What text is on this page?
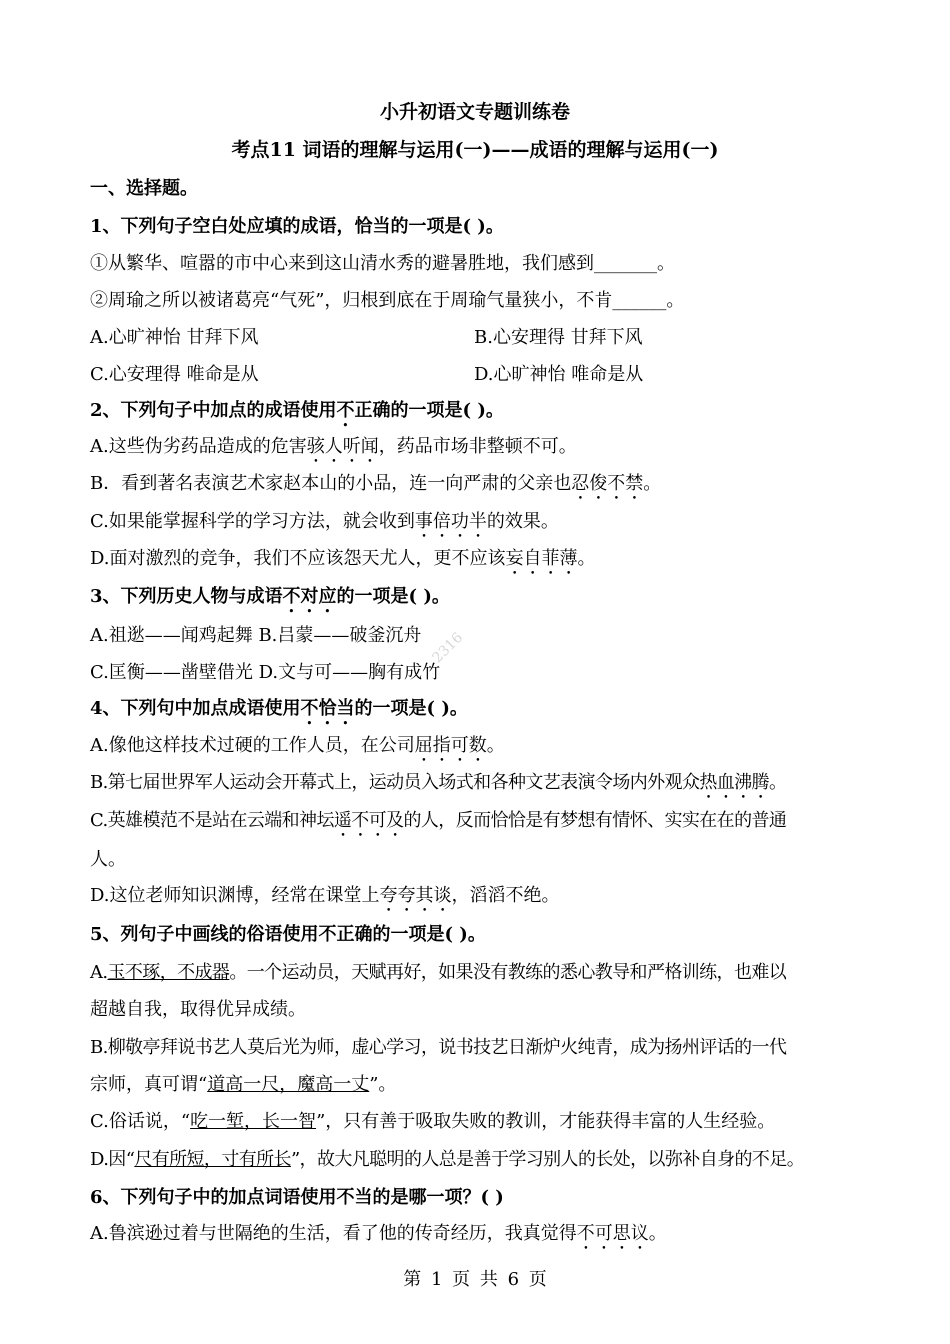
2316
小升初语文专题训练卷
考点11 词语的理解与运用(一)——成语的理解与运用(一)
一、选择题。
1、下列句子空白处应填的成语，恰当的一项是( )。
①从繁华、喧嚣的市中心来到这山清水秀的避暑胜地，我们感到_______。
②周瑜之所以被诸葛亮“气死”，归根到底在于周瑜气量狭小，不肯______。
A.心旷神怡 甘拜下风	B.心安理得 甘拜下风
C.心安理得 唯命是从	D.心旷神怡 唯命是从
2、下列句子中加点的成语使用不正确的一项是( )。
A.这些伪劣药品造成的危害骇人听闻，药品市场非整顿不可。
B．看到著名表演艺术家赵本山的小品，连一向严肃的父亲也忍俊不禁。
C.如果能掌握科学的学习方法，就会收到事倍功半的效果。
D.面对激烈的竞争，我们不应该怨天尤人，更不应该妄自菲薄。
3、下列历史人物与成语不对应的一项是( )。
A.祖逖——闻鸡起舞 B.吕蒙——破釜沉舟
C.匡衡——凿壁借光 D.文与可——胸有成竹
4、下列句中加点成语使用不恰当的一项是( )。
A.像他这样技术过硬的工作人员，在公司屈指可数。
B.第七届世界军人运动会开幕式上，运动员入场式和各种文艺表演令场内外观众热血沸腾。
C.英雄模范不是站在云端和神坛遥不可及的人，反而恰恰是有梦想有情怀、实实在在的普通
人。
D.这位老师知识渊博，经常在课堂上夸夸其谈，滔滔不绝。
5、列句子中画线的俗语使用不正确的一项是( )。
A.玉不琢，不成器。一个运动员，天赋再好，如果没有教练的悉心教导和严格训练，也难以
超越自我，取得优异成绩。
B.柳敬亭拜说书艺人莫后光为师，虚心学习，说书技艺日渐炉火纯青，成为扬州评话的一代
宗师，真可谓“道高一尺，魔高一丈”。
C.俗话说，“吃一堑，长一智”，只有善于吸取失败的教训，才能获得丰富的人生经验。
D.因“尺有所短，寸有所长”，故大凡聪明的人总是善于学习别人的长处，以弥补自身的不足。
6、下列句子中的加点词语使用不当的是哪一项？( )
A.鲁滨逊过着与世隔绝的生活，看了他的传奇经历，我真觉得不可思议。
第 1 页 共 6 页
